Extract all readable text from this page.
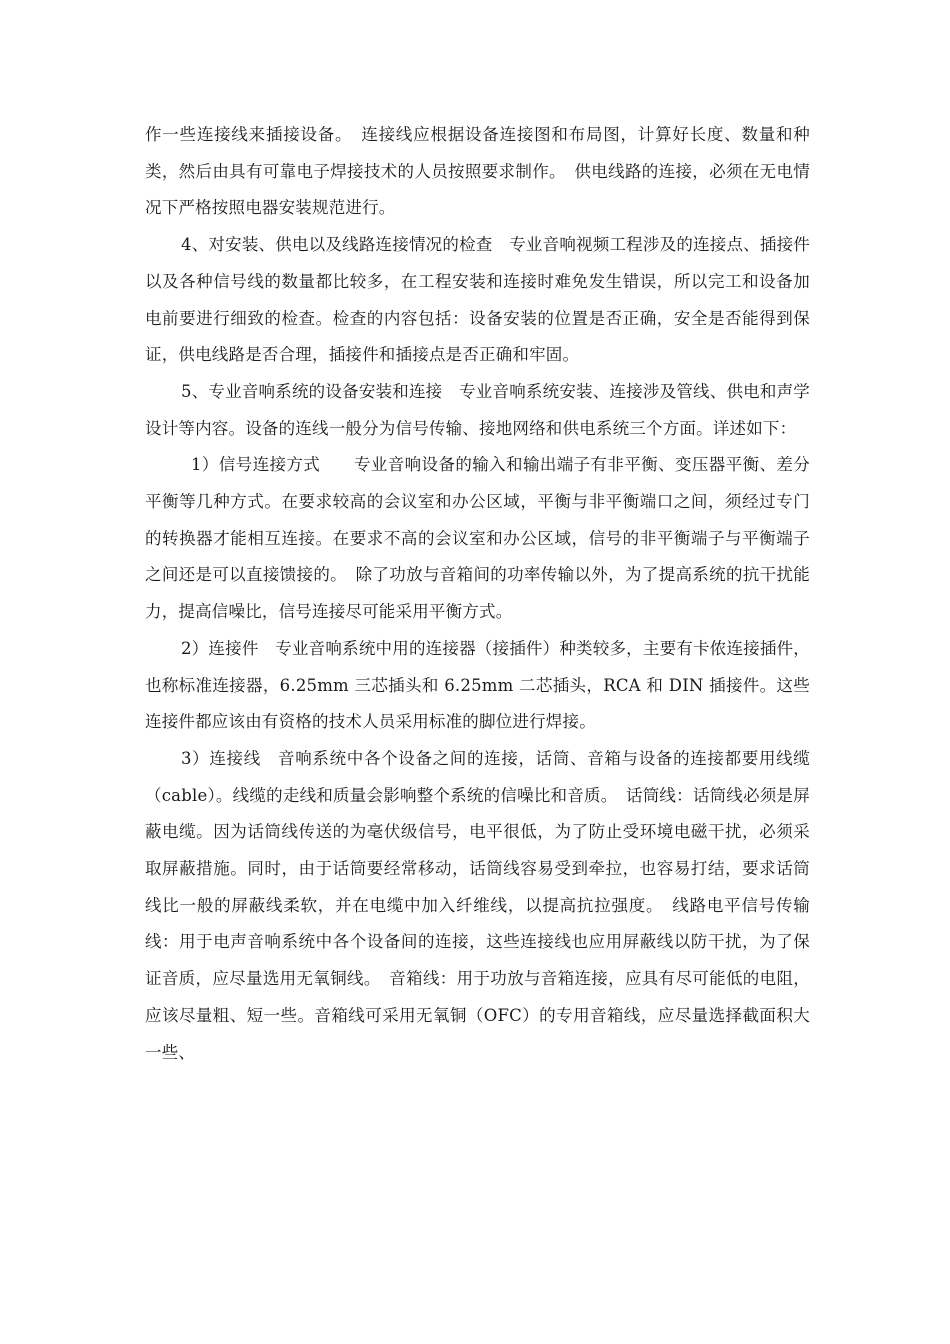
作一些连接线来插接设备。　连接线应根据设备连接图和布局图，计算好长度、数量和种类，然后由具有可靠电子焊接技术的人员按照要求制作。　供电线路的连接，必须在无电情况下严格按照电器安装规范进行。

4、对安装、供电以及线路连接情况的检查　专业音响视频工程涉及的连接点、插接件以及各种信号线的数量都比较多，在工程安装和连接时难免发生错误，所以完工和设备加电前要进行细致的检查。检查的内容包括：设备安装的位置是否正确，安全是否能得到保证，供电线路是否合理，插接件和插接点是否正确和牢固。

5、专业音响系统的设备安装和连接　专业音响系统安装、连接涉及管线、供电和声学设计等内容。设备的连线一般分为信号传输、接地网络和供电系统三个方面。详述如下：

1）信号连接方式　　专业音响设备的输入和输出端子有非平衡、变压器平衡、差分平衡等几种方式。在要求较高的会议室和办公区域，平衡与非平衡端口之间，须经过专门的转换器才能相互连接。在要求不高的会议室和办公区域，信号的非平衡端子与平衡端子之间还是可以直接馈接的。　除了功放与音箱间的功率传输以外，为了提高系统的抗干扰能力，提高信噪比，信号连接尽可能采用平衡方式。

2）连接件　专业音响系统中用的连接器（接插件）种类较多，主要有卡侬连接插件，也称标准连接器，6.25mm 三芯插头和 6.25mm 二芯插头，RCA 和 DIN 插接件。这些连接件都应该由有资格的技术人员采用标准的脚位进行焊接。

3）连接线　音响系统中各个设备之间的连接，话筒、音箱与设备的连接都要用线缆（cable）。线缆的走线和质量会影响整个系统的信噪比和音质。　话筒线：话筒线必须是屏蔽电缆。因为话筒线传送的为毫伏级信号，电平很低，为了防止受环境电磁干扰，必须采取屏蔽措施。同时，由于话筒要经常移动，话筒线容易受到牵拉，也容易打结，要求话筒线比一般的屏蔽线柔软，并在电缆中加入纤维线，以提高抗拉强度。　线路电平信号传输线：用于电声音响系统中各个设备间的连接，这些连接线也应用屏蔽线以防干扰，为了保证音质，应尽量选用无氧铜线。　音箱线：用于功放与音箱连接，应具有尽可能低的电阻，应该尽量粗、短一些。音箱线可采用无氧铜（OFC）的专用音箱线，应尽量选择截面积大一些、
